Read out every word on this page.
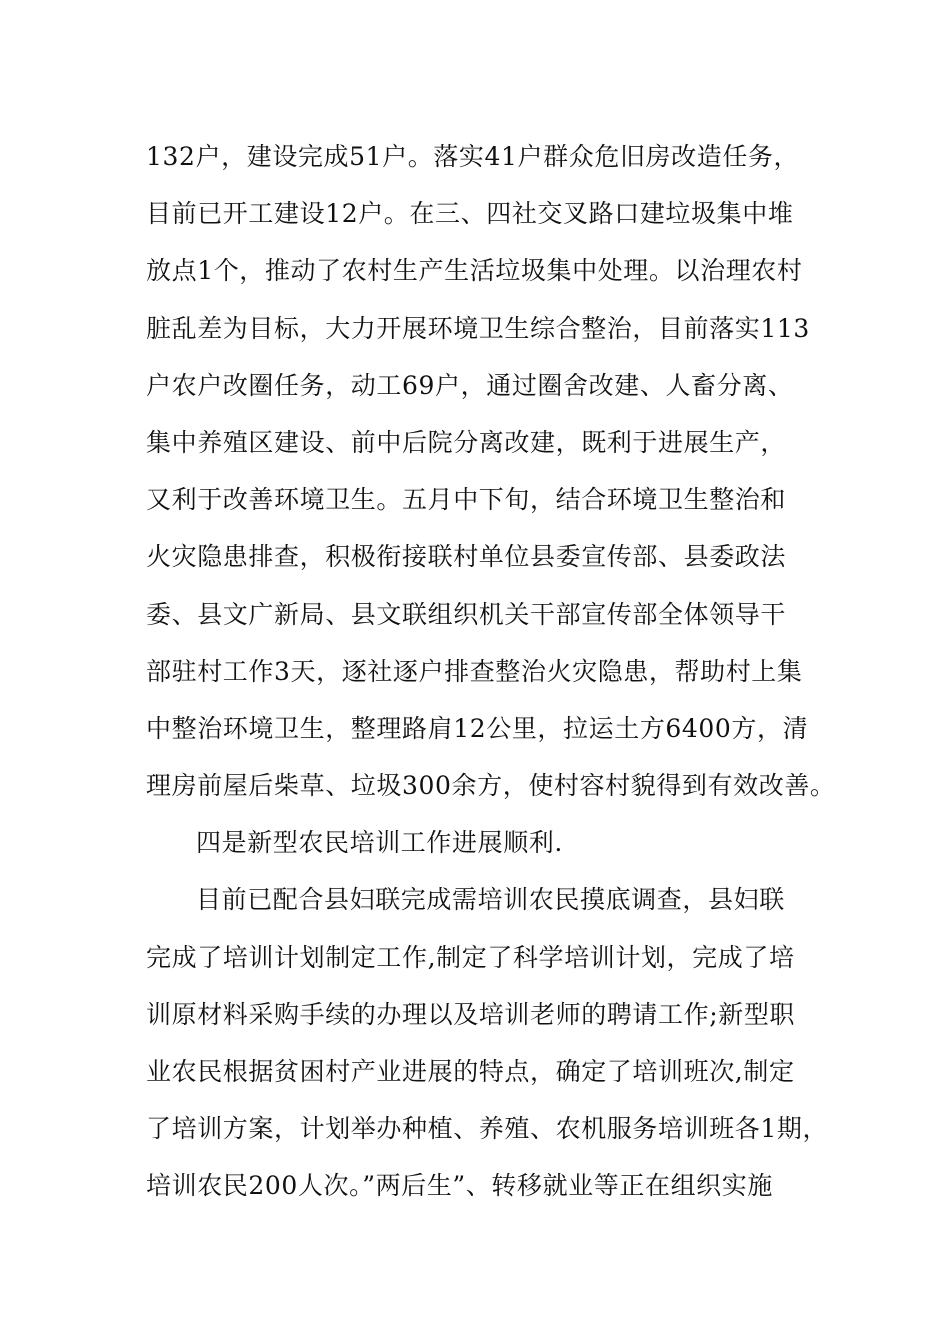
132户，建设完成51户。落实41户群众危旧房改造任务，
目前已开工建设12户。在三、四社交叉路口建垃圾集中堆
放点1个，推动了农村生产生活垃圾集中处理。以治理农村
脏乱差为目标，大力开展环境卫生综合整治，目前落实113
户农户改圈任务，动工69户，通过圈舍改建、人畜分离、
集中养殖区建设、前中后院分离改建，既利于进展生产，
又利于改善环境卫生。五月中下旬，结合环境卫生整治和
火灾隐患排查，积极衔接联村单位县委宣传部、县委政法
委、县文广新局、县文联组织机关干部宣传部全体领导干
部驻村工作3天，逐社逐户排查整治火灾隐患，帮助村上集
中整治环境卫生，整理路肩12公里，拉运土方6400方，清
理房前屋后柴草、垃圾300余方，使村容村貌得到有效改善。
四是新型农民培训工作进展顺利.
目前已配合县妇联完成需培训农民摸底调查，县妇联
完成了培训计划制定工作,制定了科学培训计划，完成了培
训原材料采购手续的办理以及培训老师的聘请工作;新型职
业农民根据贫困村产业进展的特点，确定了培训班次,制定
了培训方案，计划举办种植、养殖、农机服务培训班各1期，
培训农民200人次。”两后生”、转移就业等正在组织实施
